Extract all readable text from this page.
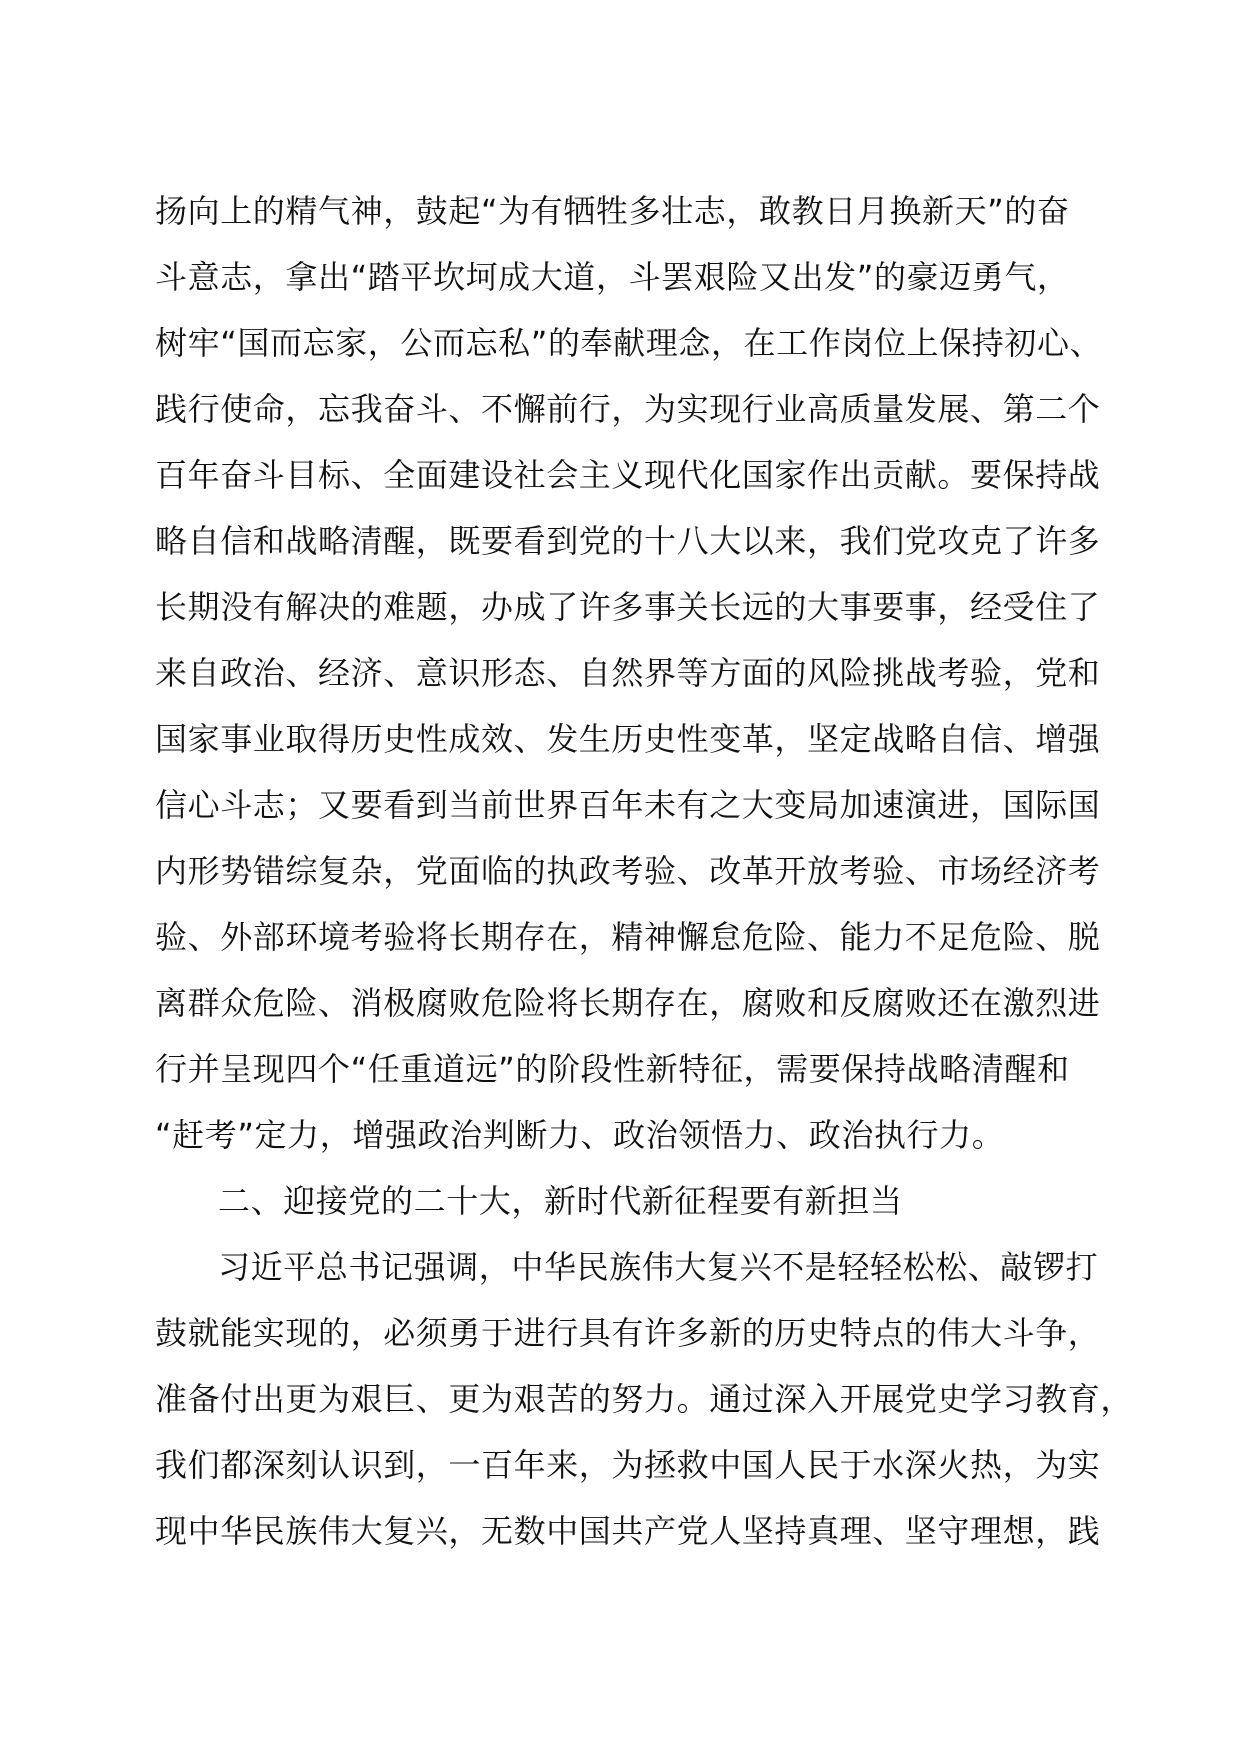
扬向上的精气神，鼓起“为有牺牲多壮志，敢教日月换新天”的奋
斗意志，拿出“踏平坎坷成大道，斗罢艰险又出发”的豪迈勇气，
树牢“国而忘家，公而忘私”的奉献理念，在工作岗位上保持初心、
践行使命，忘我奋斗、不懈前行，为实现行业高质量发展、第二个
百年奋斗目标、全面建设社会主义现代化国家作出贡献。要保持战
略自信和战略清醒，既要看到党的十八大以来，我们党攻克了许多
长期没有解决的难题，办成了许多事关长远的大事要事，经受住了
来自政治、经济、意识形态、自然界等方面的风险挑战考验，党和
国家事业取得历史性成效、发生历史性变革，坚定战略自信、增强
信心斗志；又要看到当前世界百年未有之大变局加速演进，国际国
内形势错综复杂，党面临的执政考验、改革开放考验、市场经济考
验、外部环境考验将长期存在，精神懈怠危险、能力不足危险、脱
离群众危险、消极腐败危险将长期存在，腐败和反腐败还在激烈进
行并呈现四个“任重道远”的阶段性新特征，需要保持战略清醒和
“赶考”定力，增强政治判断力、政治领悟力、政治执行力。
二、迎接党的二十大，新时代新征程要有新担当
习近平总书记强调，中华民族伟大复兴不是轻轻松松、敲锣打
鼓就能实现的，必须勇于进行具有许多新的历史特点的伟大斗争，
准备付出更为艰巨、更为艰苦的努力。通过深入开展党史学习教育，
我们都深刻认识到，一百年来，为拯救中国人民于水深火热，为实
现中华民族伟大复兴，无数中国共产党人坚持真理、坚守理想，践
